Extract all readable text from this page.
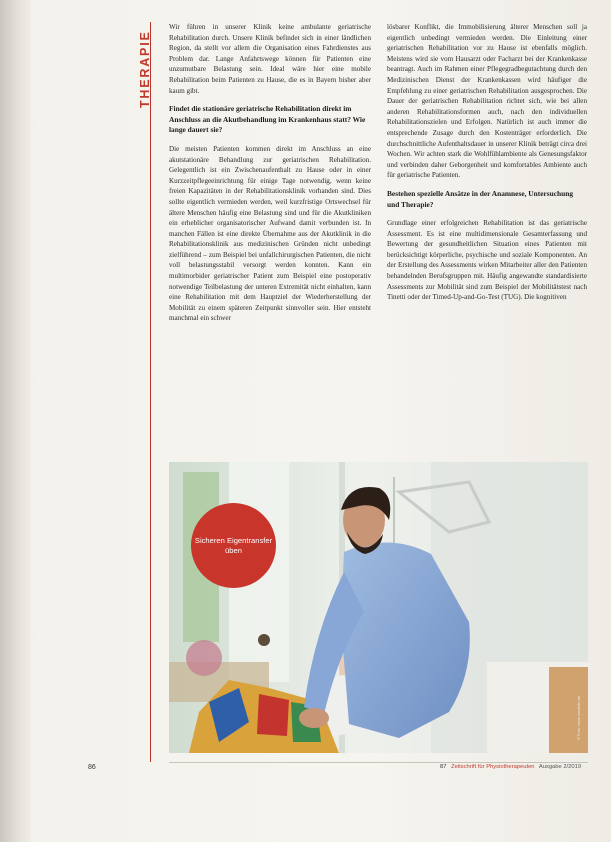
THERAPIE

Wir führen in unserer Klinik keine ambulante geriatrische Rehabilitation durch. Unsere Klinik befindet sich in einer ländlichen Region, da stellt vor allem die Organisation eines Fahrdienstes aus Problem dar. Lange Anfahrtswege können für Patienten eine unzumutbare Belastung sein. Ideal wäre hier eine mobile Rehabilitation beim Patienten zu Hause, die es in Bayern bisher aber kaum gibt.

Findet die stationäre geriatrische Rehabilitation direkt im Anschluss an die Akutbehandlung im Krankenhaus statt? Wie lange dauert sie?

Die meisten Patienten kommen direkt im Anschluss an eine akutstationäre Behandlung zur geriatrischen Rehabilitation. Gelegentlich ist ein Zwischenaufenthalt zu Hause oder in einer Kurzzeitpflegeeinrichtung für einige Tage notwendig, wenn keine freien Kapazitäten in der Rehabilitationsklinik vorhanden sind. Dies sollte eigentlich vermieden werden, weil kurzfristige Ortswechsel für ältere Menschen häufig eine Belastung sind und für die Akutkliniken ein erheblicher organisatorischer Aufwand damit verbunden ist. In manchen Fällen ist eine direkte Übernahme aus der Akutklinik in die Rehabilitationsklinik aus medizinischen Gründen nicht unbedingt zielführend – zum Beispiel bei unfallchirurgischen Patienten, die nicht voll belastungsstabil versorgt werden konnten. Kann ein multimorbider geriatrischer Patient zum Beispiel eine postoperativ notwendige Teilbelastung der unteren Extremität nicht einhalten, kann eine Rehabilitation mit dem Hauptziel der Wiederherstellung der Mobilität zu einem späteren Zeitpunkt sinnvoller sein. Hier entsteht manchmal ein schwer

lösbarer Konflikt, die Immobilisierung älterer Menschen soll ja eigentlich unbedingt vermieden werden. Die Einleitung einer geriatrischen Rehabilitation vor zu Hause ist ebenfalls möglich. Meistens wird sie vom Hausarzt oder Facharzt bei der Krankenkasse beantragt. Auch im Rahmen einer Pflegegradbegutachtung durch den Medizinischen Dienst der Krankenkassen wird häufiger die Empfehlung zu einer geriatrischen Rehabilitation ausgesprochen. Die Dauer der geriatrischen Rehabilitation richtet sich, wie bei allen anderen Rehabilitationsformen auch, nach den individuellen Rehabilitationszielen und Erfolgen. Natürlich ist auch immer die entsprechende Zusage durch den Kostenträger erforderlich. Die durchschnittliche Aufenthaltsdauer in unserer Klinik beträgt circa drei Wochen. Wir achten stark die Wohlfühlambiente als Genesungsfaktor und verbinden daher Geborgenheit und komfortables Ambiente auch für geriatrische Patienten.

Bestehen spezielle Ansätze in der Anamnese, Untersuchung und Therapie?

Grundlage einer erfolgreichen Rehabilitation ist das geriatrische Assessment. Es ist eine multidimensionale Gesamterfassung und Bewertung der gesundheitlichen Situation eines Patienten mit berücksichtigt körperliche, psychische und soziale Komponenten. An der Erstellung des Assessments wirken Mitarbeiter aller den Patienten behandelnden Berufsgruppen mit. Häufig angewandte standardisierte Assessments zur Mobilität sind zum Beispiel der Mobilitätstest nach Tinetti oder der Timed-Up-and-Go-Test (TUG). Die kognitiven

Sicheren Eigentransfer üben
© Foto: www.mediclin.de
86	87 Zeitschrift für Physiotherapeuten Ausgabe 2/2019
